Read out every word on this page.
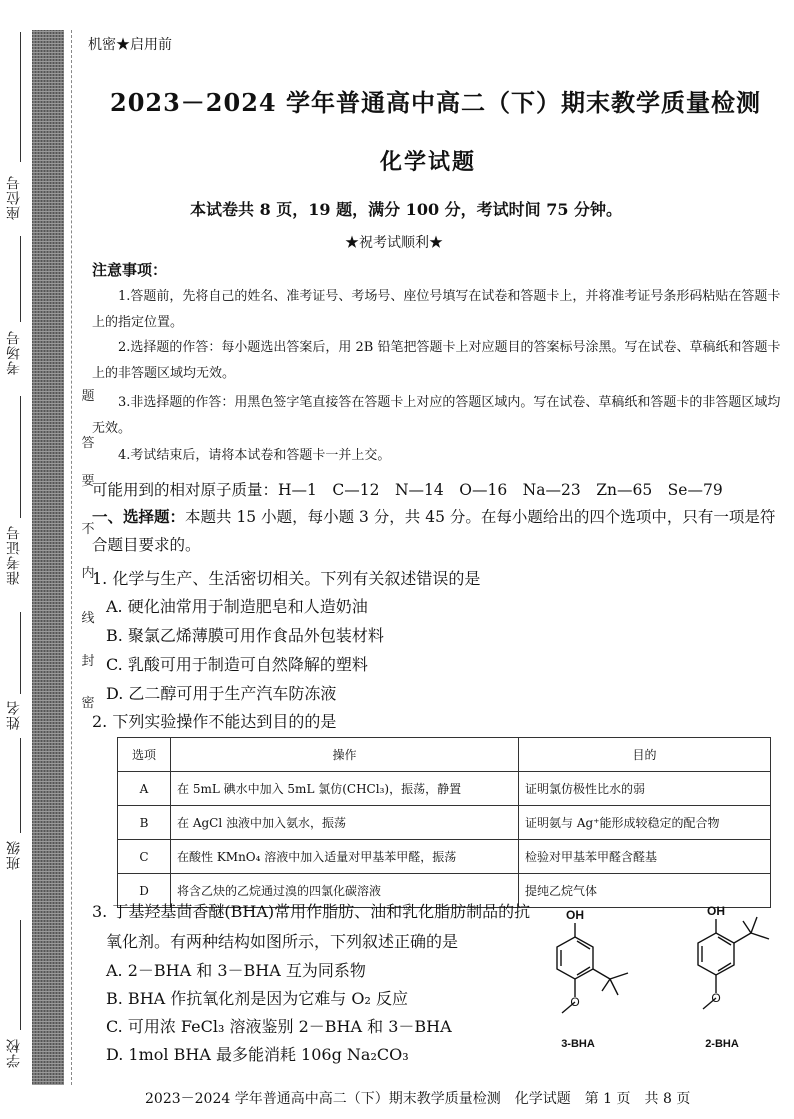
座位号
考场号
准考证号
姓名
班级
学校
题
答
要
不
内
线
封
密
机密★启用前
2023－2024 学年普通高中高二（下）期末教学质量检测
化学试题
本试卷共 8 页，19 题，满分 100 分，考试时间 75 分钟。
★祝考试顺利★
注意事项：
1.答题前，先将自己的姓名、准考证号、考场号、座位号填写在试卷和答题卡上，并将准考证号条形码粘贴在答题卡上的指定位置。
2.选择题的作答：每小题选出答案后，用 2B 铅笔把答题卡上对应题目的答案标号涂黑。写在试卷、草稿纸和答题卡上的非答题区域均无效。
3.非选择题的作答：用黑色签字笔直接答在答题卡上对应的答题区域内。写在试卷、草稿纸和答题卡的非答题区域均无效。
4.考试结束后，请将本试卷和答题卡一并上交。
可能用到的相对原子质量：H—1　C—12　N—14　O—16　Na—23　Zn—65　Se—79
一、选择题：本题共 15 小题，每小题 3 分，共 45 分。在每小题给出的四个选项中，只有一项是符合题目要求的。
1. 化学与生产、生活密切相关。下列有关叙述错误的是
A. 硬化油常用于制造肥皂和人造奶油
B. 聚氯乙烯薄膜可用作食品外包装材料
C. 乳酸可用于制造可自然降解的塑料
D. 乙二醇可用于生产汽车防冻液
2. 下列实验操作不能达到目的的是
选项	操作	目的
A	在 5mL 碘水中加入 5mL 氯仿(CHCl₃)，振荡，静置	证明氯仿极性比水的弱
B	在 AgCl 浊液中加入氨水，振荡	证明氨与 Ag⁺能形成较稳定的配合物
C	在酸性 KMnO₄ 溶液中加入适量对甲基苯甲醛，振荡	检验对甲基苯甲醛含醛基
D	将含乙炔的乙烷通过溴的四氯化碳溶液	提纯乙烷气体
3. 丁基羟基茴香醚(BHA)常用作脂肪、油和乳化脂肪制品的抗
氧化剂。有两种结构如图所示，下列叙述正确的是
A. 2－BHA 和 3－BHA 互为同系物
B. BHA 作抗氧化剂是因为它难与 O₂ 反应
C. 可用浓 FeCl₃ 溶液鉴别 2－BHA 和 3－BHA
D. 1mol BHA 最多能消耗 106g Na₂CO₃
OH
O
3-BHA
OH
O
2-BHA
2023－2024 学年普通高中高二（下）期末教学质量检测　化学试题　第 1 页　共 8 页
